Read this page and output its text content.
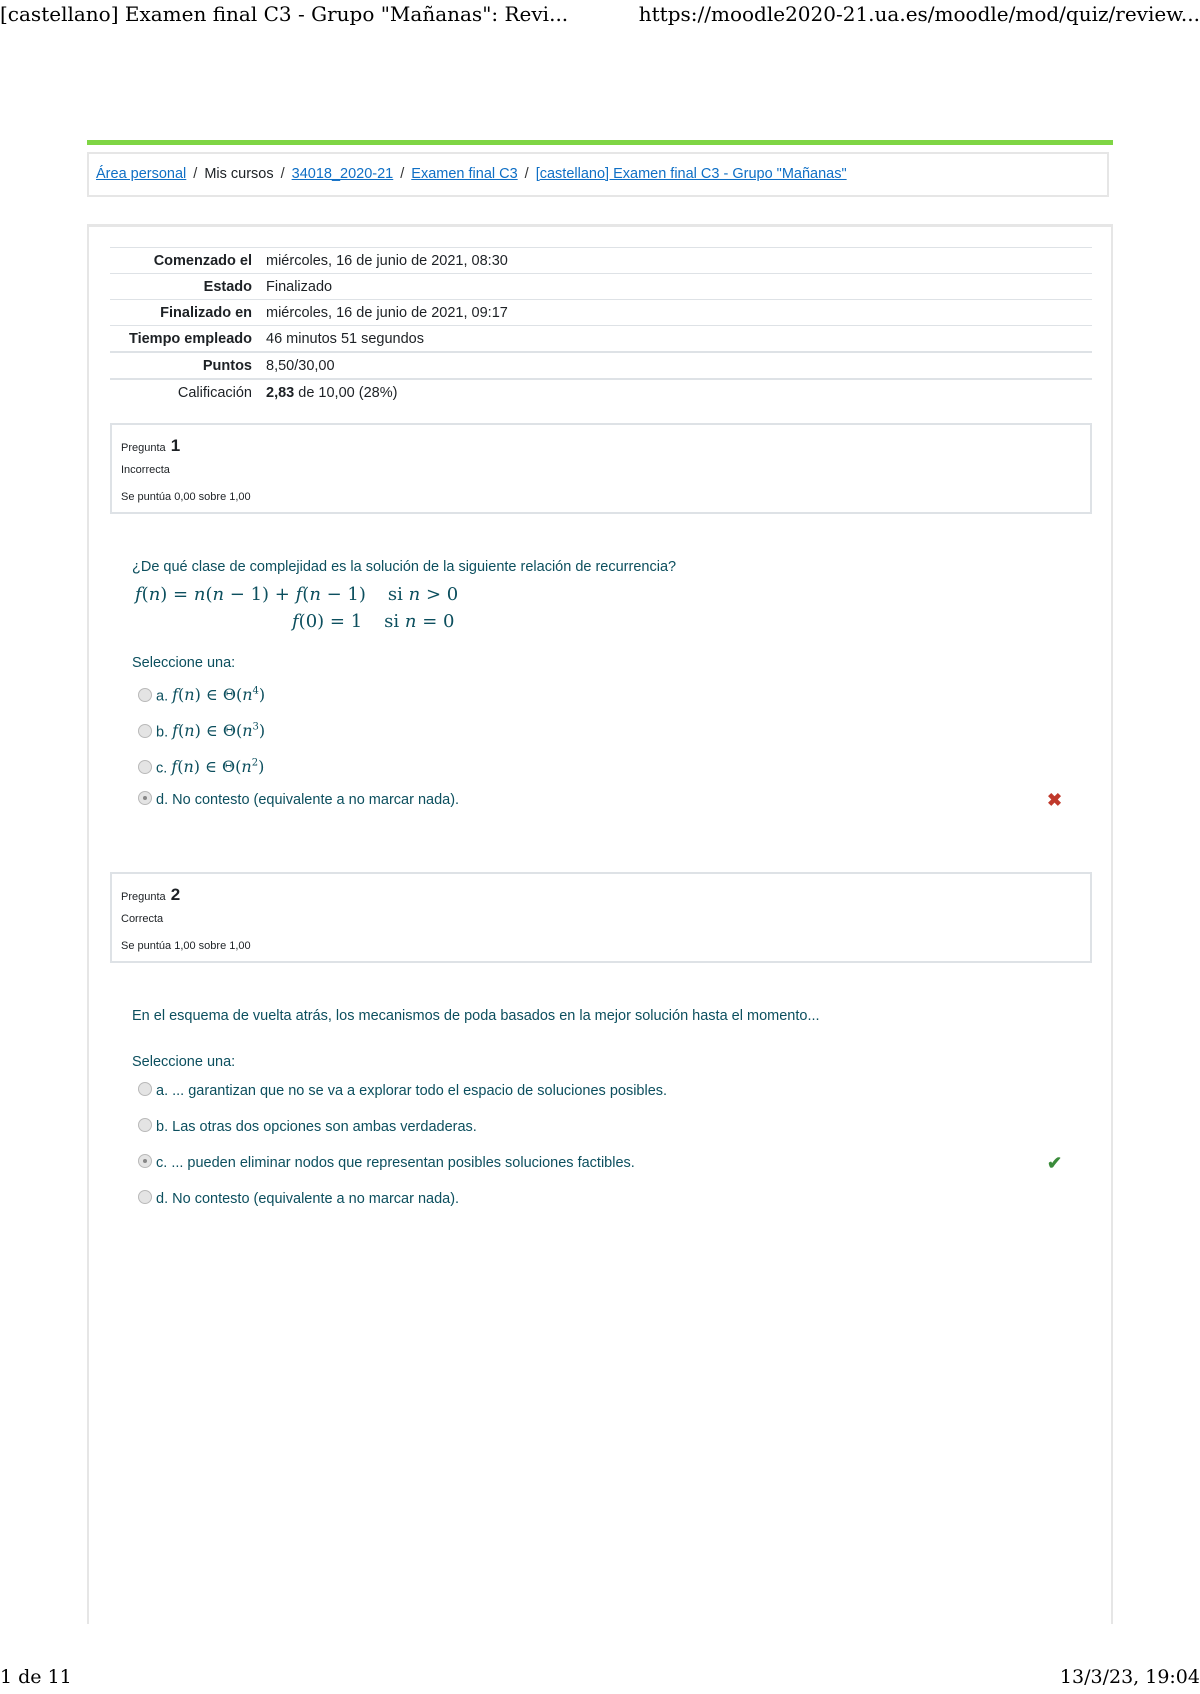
[castellano] Examen final C3 - Grupo "Mañanas": Revi...	https://moodle2020-21.ua.es/moodle/mod/quiz/review...
Área personal / Mis cursos / 34018_2020-21 / Examen final C3 / [castellano] Examen final C3 - Grupo "Mañanas"
Comenzado el	miércoles, 16 de junio de 2021, 08:30
Estado	Finalizado
Finalizado en	miércoles, 16 de junio de 2021, 09:17
Tiempo empleado	46 minutos 51 segundos
Puntos	8,50/30,00
Calificación	2,83 de 10,00 (28%)
Pregunta 1
Incorrecta
Se puntúa 0,00 sobre 1,00
¿De qué clase de complejidad es la solución de la siguiente relación de recurrencia?
f(n) = n(n − 1) + f(n − 1) si n > 0
f(0) = 1 si n = 0
Seleccione una:
a. f(n) ∈ $\Theta(n^4)$
b. f(n) ∈ $\Theta(n^3)$
c. f(n) ∈ $\Theta(n^2)$
d. No contesto (equivalente a no marcar nada).	✖
Pregunta 2
Correcta
Se puntúa 1,00 sobre 1,00
En el esquema de vuelta atrás, los mecanismos de poda basados en la mejor solución hasta el momento...
Seleccione una:
a. ... garantizan que no se va a explorar todo el espacio de soluciones posibles.
b. Las otras dos opciones son ambas verdaderas.
c. ... pueden eliminar nodos que representan posibles soluciones factibles.	✔
d. No contesto (equivalente a no marcar nada).
1 de 11	13/3/23, 19:04
